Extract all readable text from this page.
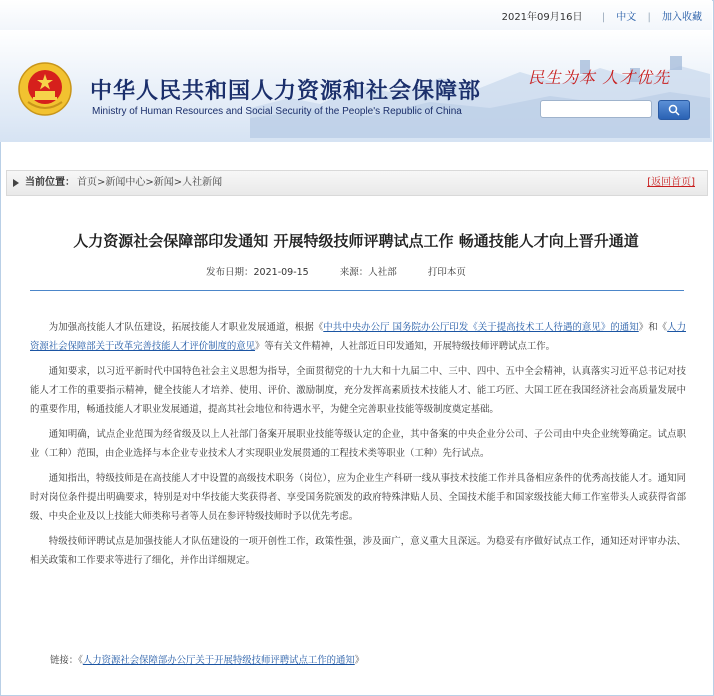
2021年09月16日 | 中文 | 加入收藏
中华人民共和国人力资源和社会保障部
Ministry of Human Resources and Social Security of the People's Republic of China
民生为本 人才优先
当前位置： 首页>新闻中心>新闻>人社新闻	[返回首页]
人力资源社会保障部印发通知 开展特级技师评聘试点工作 畅通技能人才向上晋升通道
发布日期：2021-09-15	来源：人社部	打印本页

为加强高技能人才队伍建设，拓展技能人才职业发展通道，根据《中共中央办公厅 国务院办公厅印发《关于提高技术工人待遇的意见》的通知》和《人力资源社会保障部关于改革完善技能人才评价制度的意见》等有关文件精神，人社部近日印发通知，开展特级技师评聘试点工作。

通知要求，以习近平新时代中国特色社会主义思想为指导，全面贯彻党的十九大和十九届二中、三中、四中、五中全会精神，认真落实习近平总书记对技能人才工作的重要指示精神，健全技能人才培养、使用、评价、激励制度，充分发挥高素质技术技能人才、能工巧匠、大国工匠在我国经济社会高质量发展中的重要作用，畅通技能人才职业发展通道，提高其社会地位和待遇水平，为健全完善职业技能等级制度奠定基础。

通知明确，试点企业范围为经省级及以上人社部门备案开展职业技能等级认定的企业，其中备案的中央企业分公司、子公司由中央企业统筹确定。试点职业（工种）范围，由企业选择与本企业专业技术人才实现职业发展贯通的工程技术类等职业（工种）先行试点。

通知指出，特级技师是在高技能人才中设置的高级技术职务（岗位），应为企业生产科研一线从事技术技能工作并具备相应条件的优秀高技能人才。通知同时对岗位条件提出明确要求，特别是对中华技能大奖获得者、享受国务院颁发的政府特殊津贴人员、全国技术能手和国家级技能大师工作室带头人或获得省部级、中央企业及以上技能大师类称号者等人员在参评特级技师时予以优先考虑。

特级技师评聘试点是加强技能人才队伍建设的一项开创性工作，政策性强，涉及面广，意义重大且深远。为稳妥有序做好试点工作，通知还对评审办法、相关政策和工作要求等进行了细化，并作出详细规定。

链接：《人力资源社会保障部办公厅关于开展特级技师评聘试点工作的通知》
